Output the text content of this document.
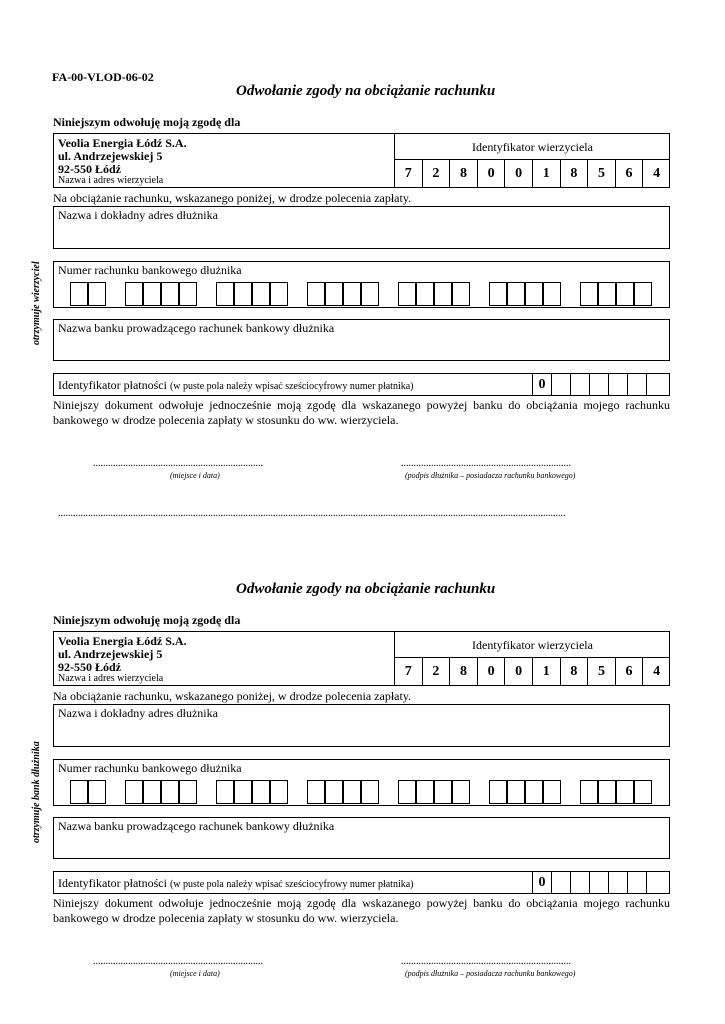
FA-00-VLOD-06-02
otrzymuje wierzyciel
Odwołanie zgody na obciążanie rachunku
Niniejszym odwołuję moją zgodę dla
Veolia Energia Łódź S.A.
ul. Andrzejewskiej 5
92-550 Łódź
Nazwa i adres wierzyciela
Identyfikator wierzyciela
7	2	8	0	0	1	8	5	6	4
Na obciążanie rachunku, wskazanego poniżej, w drodze polecenia zapłaty.
Nazwa i dokładny adres dłużnika
Numer rachunku bankowego dłużnika
Nazwa banku prowadzącego rachunek bankowy dłużnika
Identyfikator płatności (w puste pola należy wpisać sześciocyfrowy numer płatnika)	0
Niniejszy dokument odwołuje jednocześnie moją zgodę dla wskazanego powyżej banku do obciążania mojego rachunku bankowego w drodze polecenia zapłaty w stosunku do ww. wierzyciela.
....................................................................
(miejsce i data)
....................................................................
(podpis dłużnika – posiadacza rachunku bankowego)
otrzymuje bank dłużnika
Odwołanie zgody na obciążanie rachunku
Niniejszym odwołuję moją zgodę dla
Veolia Energia Łódź S.A.
ul. Andrzejewskiej 5
92-550 Łódź
Nazwa i adres wierzyciela
Identyfikator wierzyciela
7	2	8	0	0	1	8	5	6	4
Na obciążanie rachunku, wskazanego poniżej, w drodze polecenia zapłaty.
Nazwa i dokładny adres dłużnika
Numer rachunku bankowego dłużnika
Nazwa banku prowadzącego rachunek bankowy dłużnika
Identyfikator płatności (w puste pola należy wpisać sześciocyfrowy numer płatnika)	0
Niniejszy dokument odwołuje jednocześnie moją zgodę dla wskazanego powyżej banku do obciążania mojego rachunku bankowego w drodze polecenia zapłaty w stosunku do ww. wierzyciela.
....................................................................
(miejsce i data)
....................................................................
(podpis dłużnika – posiadacza rachunku bankowego)
...........................................................................................................................................................................................................
